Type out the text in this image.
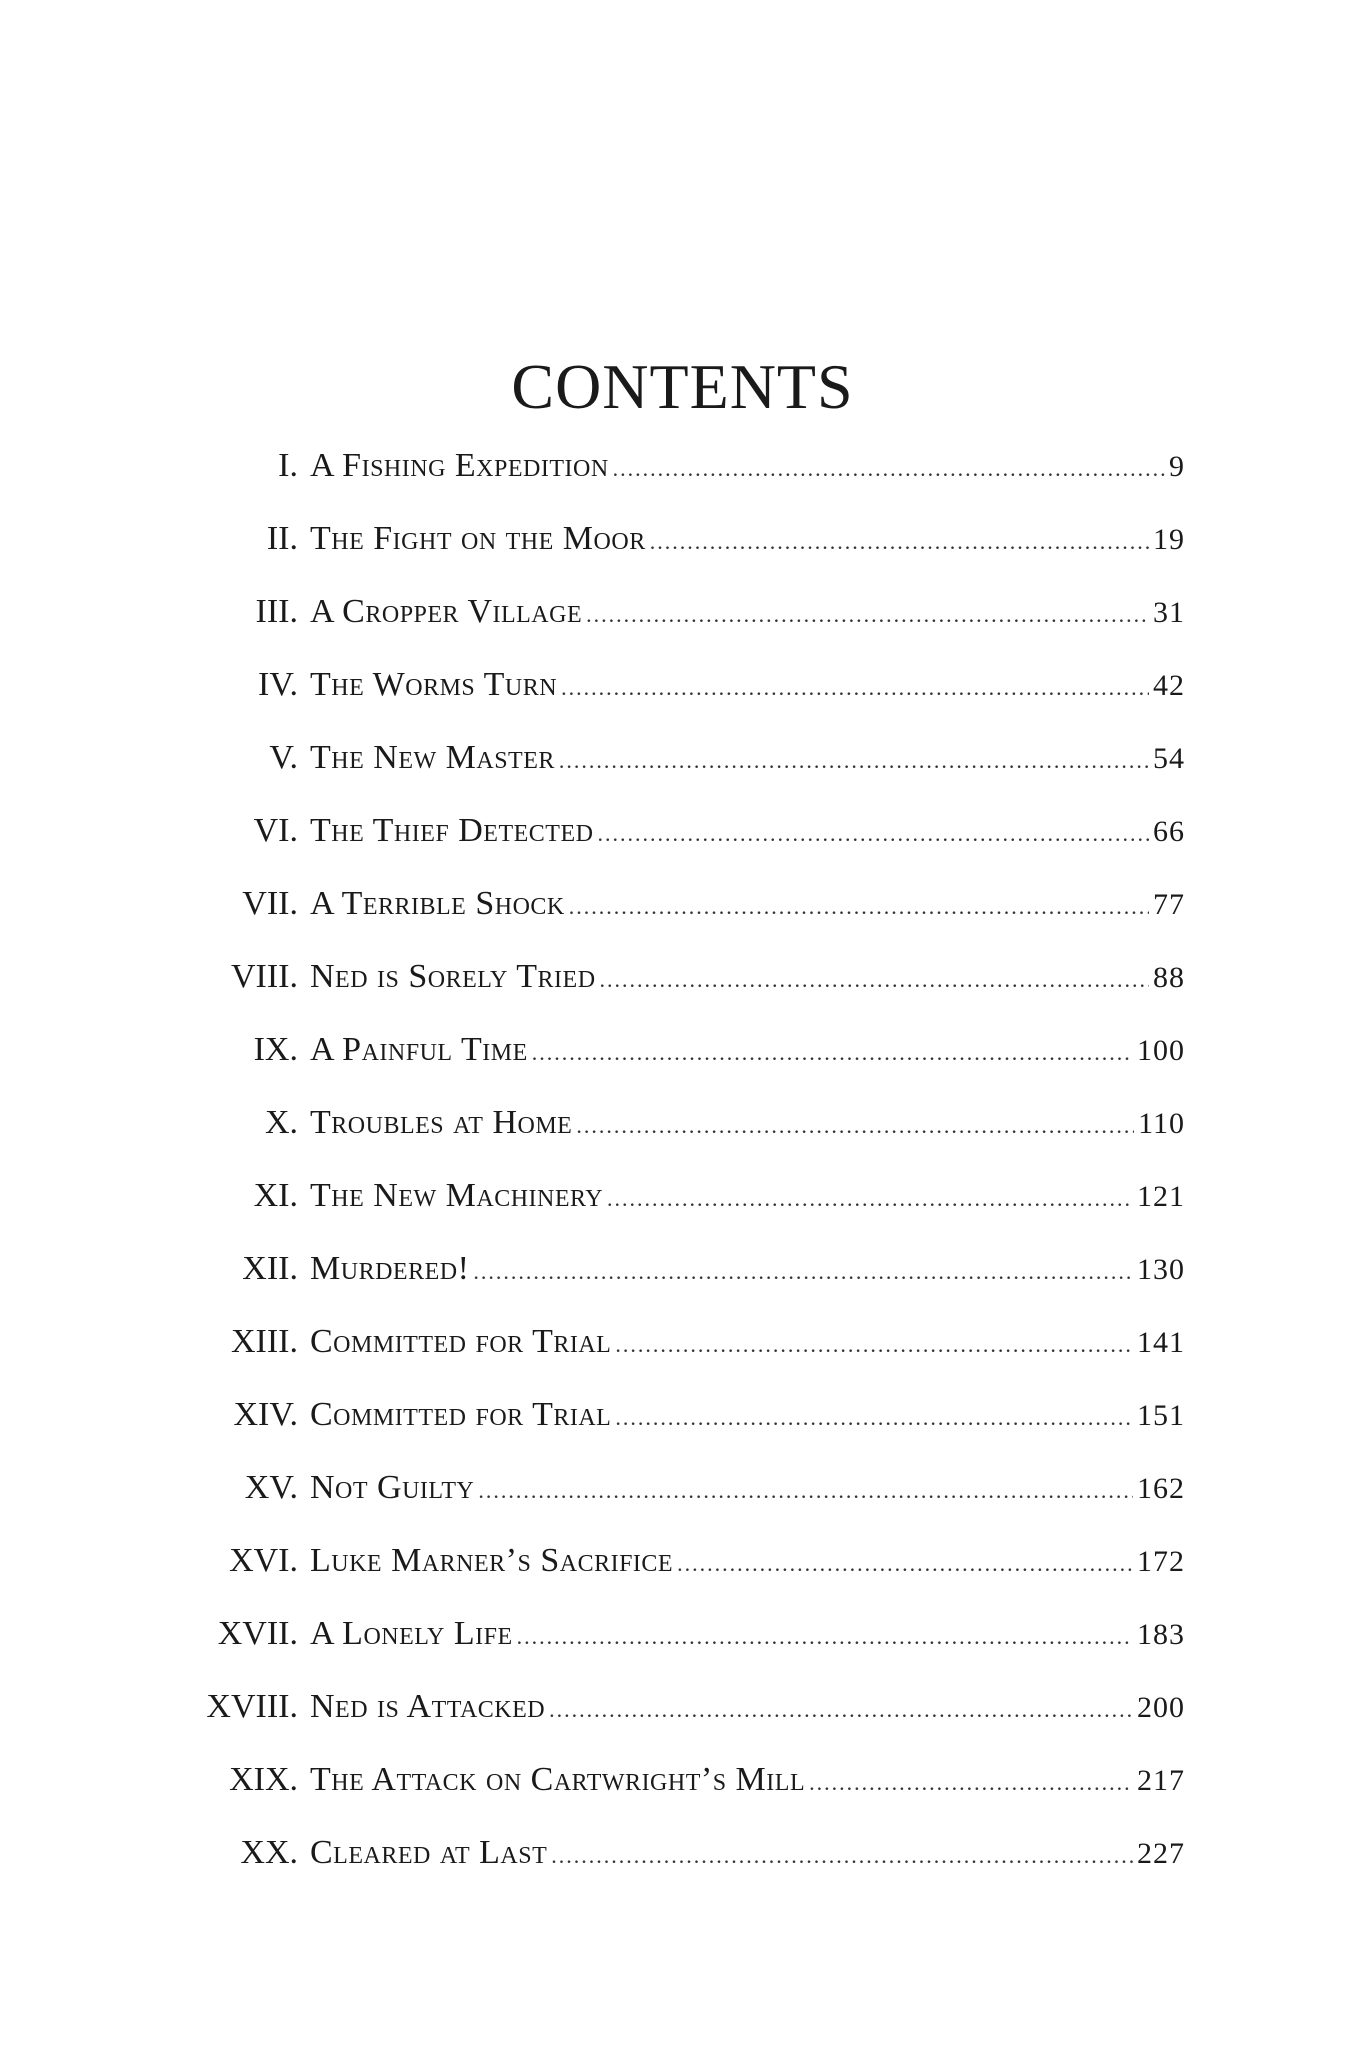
CONTENTS
I. A Fishing Expedition .....	9
II. The Fight on the Moor .....	19
III. A Cropper Village .....	31
IV. The Worms Turn .....	42
V. The New Master .....	54
VI. The Thief Detected .....	66
VII. A Terrible Shock .....	77
VIII. Ned is Sorely Tried .....	88
IX. A Painful Time .....	100
X. Troubles at Home .....	110
XI. The New Machinery .....	121
XII. Murdered! .....	130
XIII. Committed for Trial .....	141
XIV. Committed for Trial .....	151
XV. Not Guilty .....	162
XVI. Luke Marner’s Sacrifice .....	172
XVII. A Lonely Life .....	183
XVIII. Ned is Attacked .....	200
XIX. The Attack on Cartwright’s Mill .....	217
XX. Cleared at Last .....	227
